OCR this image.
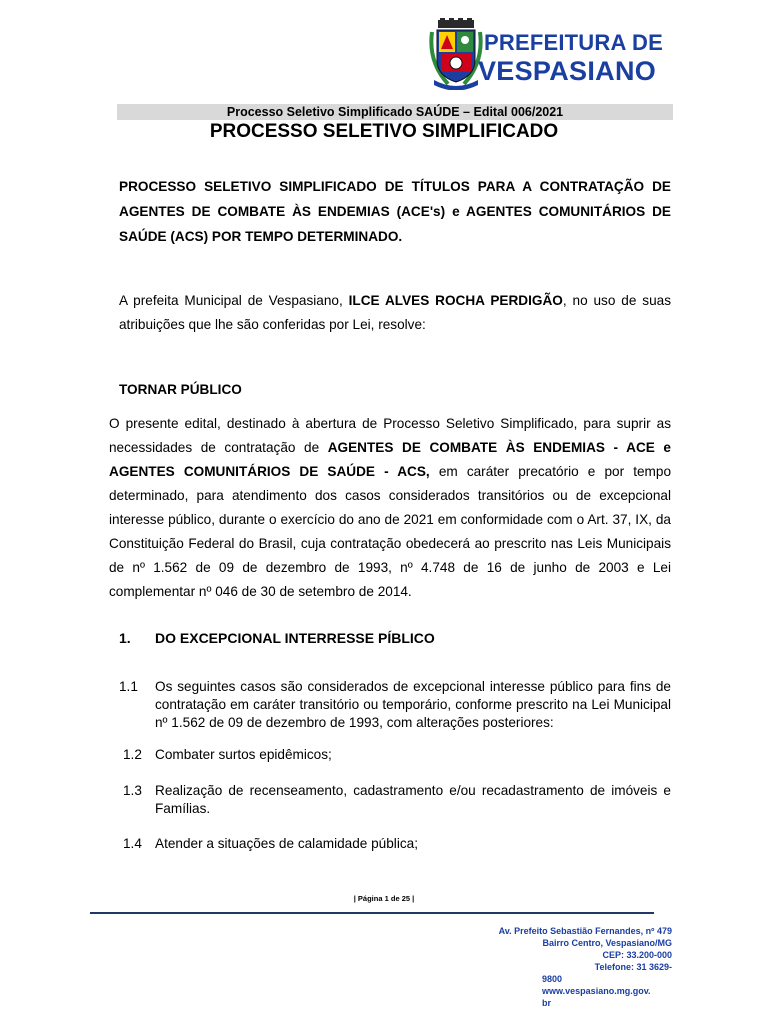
PREFEITURA DE
VESPASIANO
Processo Seletivo Simplificado SAÚDE – Edital 006/2021
PROCESSO SELETIVO SIMPLIFICADO
PROCESSO SELETIVO SIMPLIFICADO DE TÍTULOS PARA A CONTRATAÇÃO DE AGENTES DE COMBATE ÀS ENDEMIAS (ACE's) e AGENTES COMUNITÁRIOS DE SAÚDE (ACS) POR TEMPO DETERMINADO.
A prefeita Municipal de Vespasiano, ILCE ALVES ROCHA PERDIGÃO, no uso de suas atribuições que lhe são conferidas por Lei, resolve:
TORNAR PÚBLICO
O presente edital, destinado à abertura de Processo Seletivo Simplificado, para suprir as necessidades de contratação de AGENTES DE COMBATE ÀS ENDEMIAS - ACE e AGENTES COMUNITÁRIOS DE SAÚDE - ACS, em caráter precatório e por tempo determinado, para atendimento dos casos considerados transitórios ou de excepcional interesse público, durante o exercício do ano de 2021 em conformidade com o Art. 37, IX, da Constituição Federal do Brasil, cuja contratação obedecerá ao prescrito nas Leis Municipais de nº 1.562 de 09 de dezembro de 1993, nº 4.748 de 16 de junho de 2003 e Lei complementar nº 046 de 30 de setembro de 2014.
1. DO EXCEPCIONAL INTERRESSE PÍBLICO
1.1 Os seguintes casos são considerados de excepcional interesse público para fins de contratação em caráter transitório ou temporário, conforme prescrito na Lei Municipal nº 1.562 de 09 de dezembro de 1993, com alterações posteriores:
1.2 Combater surtos epidêmicos;
1.3 Realização de recenseamento, cadastramento e/ou recadastramento de imóveis e Famílias.
1.4 Atender a situações de calamidade pública;
| Página 1 de 25 |
Av. Prefeito Sebastião Fernandes, nº 479
Bairro Centro, Vespasiano/MG
CEP: 33.200-000
Telefone: 31 3629-
9800
www.vespasiano.mg.gov.
br
